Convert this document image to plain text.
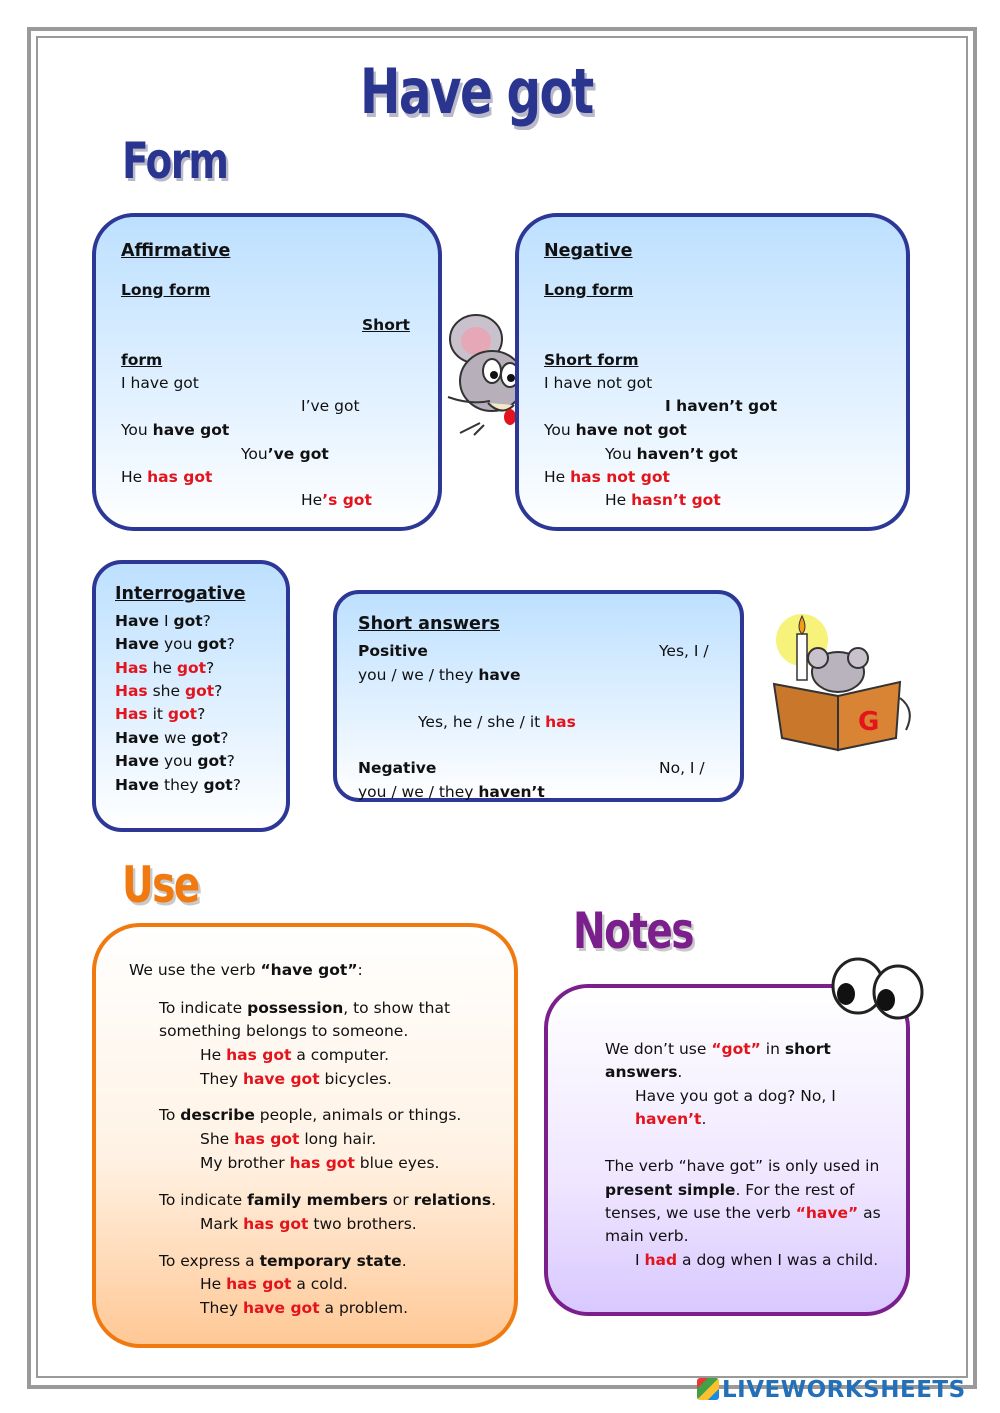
Have got
Form
Affirmative
Long form
Short
form
I have got
I’ve got
You have got
You’ve got
He has got
He’s got
Negative
Long form
Short form
I have not got
I haven’t got
You have not got
You haven’t got
He has not got
He hasn’t got
Interrogative
Have I got?
Have you got?
Has he got?
Has she got?
Has it got?
Have we got?
Have you got?
Have they got?
Short answers
Positive	Yes, I /
you / we / they have
Yes, he / she / it has
Negative	No, I /
you / we / they haven’t
G
Use
We use the verb “have got”:
To indicate possession, to show that
something belongs to someone.
He has got a computer.
They have got bicycles.
To describe people, animals or things.
She has got long hair.
My brother has got blue eyes.
To indicate family members or relations.
Mark has got two brothers.
To express a temporary state.
He has got a cold.
They have got a problem.
Notes
We don’t use “got” in short
answers.
Have you got a dog? No, I
haven’t.
The verb “have got” is only used in
present simple. For the rest of
tenses, we use the verb “have” as
main verb.
I had a dog when I was a child.
LIVEWORKSHEETS
